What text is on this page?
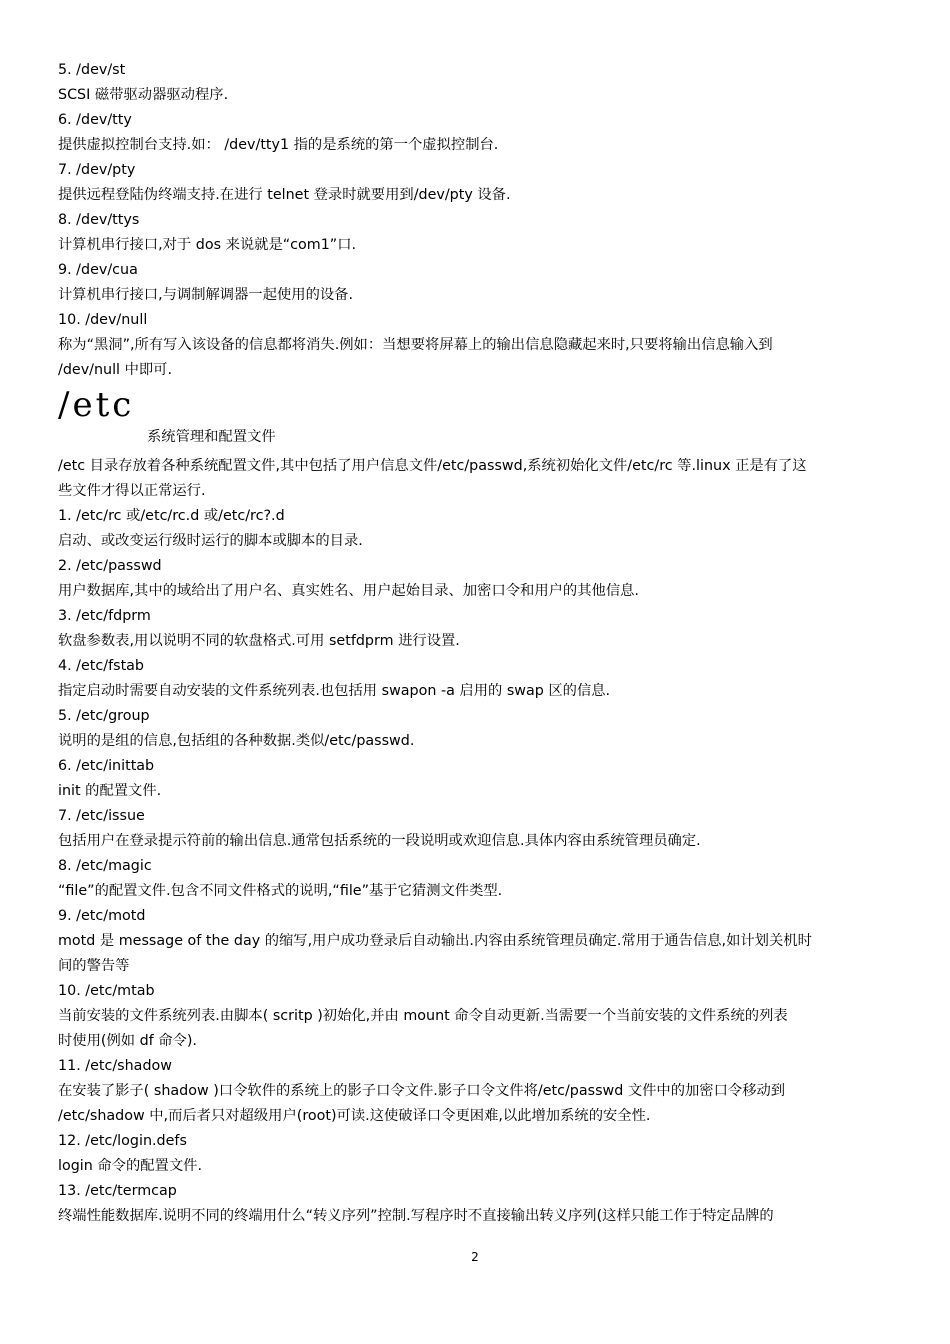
5. /dev/st

SCSI 磁带驱动器驱动程序.

6. /dev/tty

提供虚拟控制台支持.如： /dev/tty1 指的是系统的第一个虚拟控制台.

7. /dev/pty

提供远程登陆伪终端支持.在进行 telnet 登录时就要用到/dev/pty 设备.

8. /dev/ttys

计算机串行接口,对于 dos 来说就是“com1”口.

9. /dev/cua

计算机串行接口,与调制解调器一起使用的设备.

10. /dev/null

称为“黑洞”,所有写入该设备的信息都将消失.例如：当想要将屏幕上的输出信息隐藏起来时,只要将输出信息输入到

/dev/null 中即可.

/etc
系统管理和配置文件

/etc 目录存放着各种系统配置文件,其中包括了用户信息文件/etc/passwd,系统初始化文件/etc/rc 等.linux 正是有了这

些文件才得以正常运行.

1. /etc/rc 或/etc/rc.d 或/etc/rc?.d

启动、或改变运行级时运行的脚本或脚本的目录.

2. /etc/passwd

用户数据库,其中的域给出了用户名、真实姓名、用户起始目录、加密口令和用户的其他信息.

3. /etc/fdprm

软盘参数表,用以说明不同的软盘格式.可用 setfdprm 进行设置.

4. /etc/fstab

指定启动时需要自动安装的文件系统列表.也包括用 swapon -a 启用的 swap 区的信息.

5. /etc/group

说明的是组的信息,包括组的各种数据.类似/etc/passwd.

6. /etc/inittab

init 的配置文件.

7. /etc/issue

包括用户在登录提示符前的输出信息.通常包括系统的一段说明或欢迎信息.具体内容由系统管理员确定.

8. /etc/magic

“file”的配置文件.包含不同文件格式的说明,“file”基于它猜测文件类型.

9. /etc/motd

motd 是 message of the day 的缩写,用户成功登录后自动输出.内容由系统管理员确定.常用于通告信息,如计划关机时

间的警告等

10. /etc/mtab

当前安装的文件系统列表.由脚本( scritp )初始化,并由 mount 命令自动更新.当需要一个当前安装的文件系统的列表

时使用(例如 df 命令).

11. /etc/shadow

在安装了影子( shadow )口令软件的系统上的影子口令文件.影子口令文件将/etc/passwd 文件中的加密口令移动到

/etc/shadow 中,而后者只对超级用户(root)可读.这使破译口令更困难,以此增加系统的安全性.

12. /etc/login.defs

login 命令的配置文件.

13. /etc/termcap

终端性能数据库.说明不同的终端用什么“转义序列”控制.写程序时不直接输出转义序列(这样只能工作于特定品牌的

2
